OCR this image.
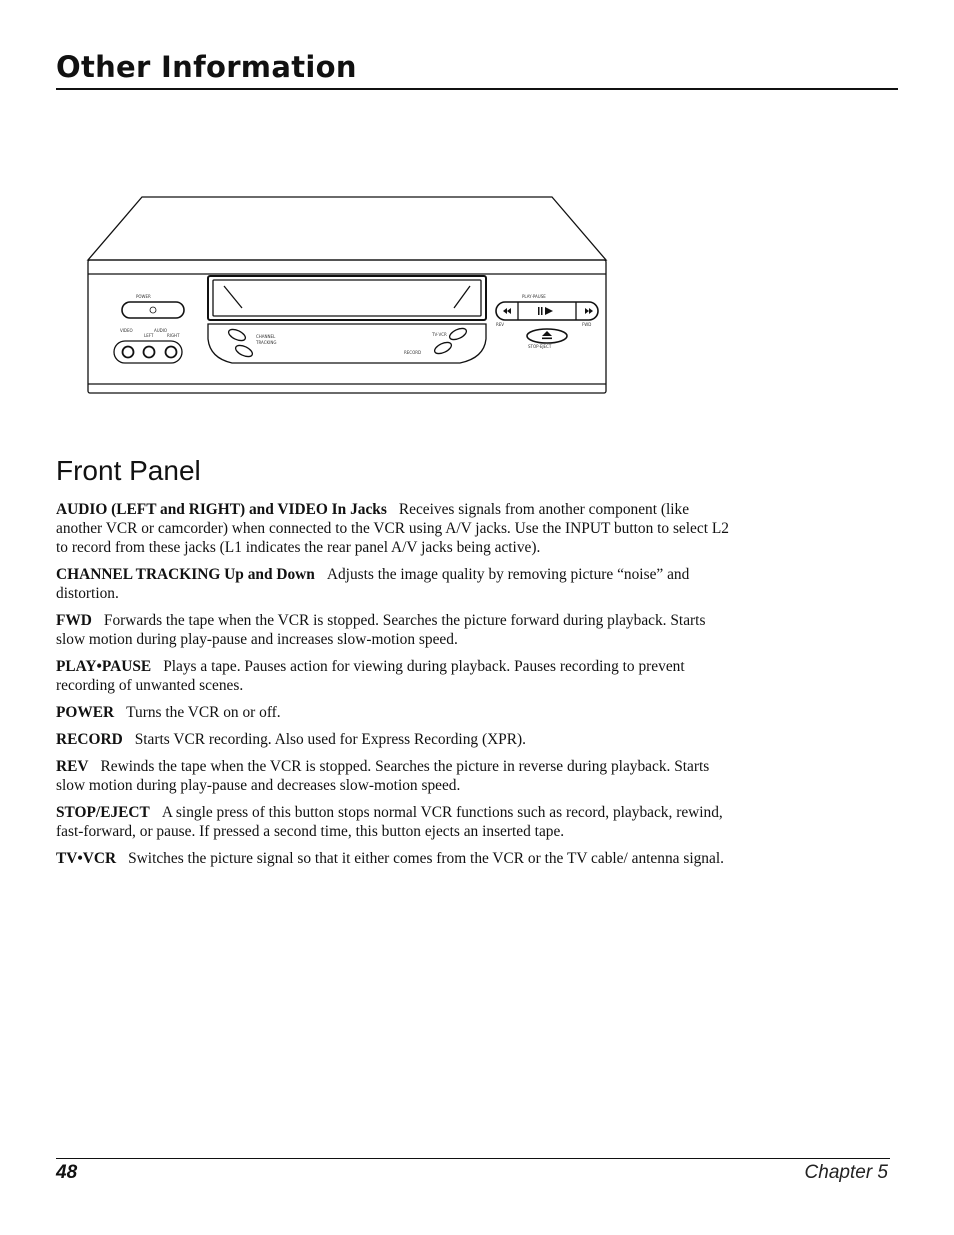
Other Information
POWER	PLAY·PAUSE
REV	FWD
STOP·EJECT
VIDEO	AUDIO
LEFT	RIGHT	CHANNEL
TRACKING
TV·VCR
RECORD
Front Panel

AUDIO (LEFT and RIGHT) and VIDEO In Jacks Receives signals from another component (like another VCR or camcorder) when connected to the VCR using A/V jacks. Use the INPUT button to select L2 to record from these jacks (L1 indicates the rear panel A/V jacks being active).

CHANNEL TRACKING Up and Down Adjusts the image quality by removing picture “noise” and distortion.

FWD Forwards the tape when the VCR is stopped. Searches the picture forward during playback. Starts slow motion during play-pause and increases slow-motion speed.

PLAY•PAUSE Plays a tape. Pauses action for viewing during playback. Pauses recording to prevent recording of unwanted scenes.

POWER Turns the VCR on or off.

RECORD Starts VCR recording. Also used for Express Recording (XPR).

REV Rewinds the tape when the VCR is stopped. Searches the picture in reverse during playback. Starts slow motion during play-pause and decreases slow-motion speed.

STOP/EJECT A single press of this button stops normal VCR functions such as record, playback, rewind, fast-forward, or pause. If pressed a second time, this button ejects an inserted tape.

TV•VCR Switches the picture signal so that it either comes from the VCR or the TV cable/ antenna signal.

48	Chapter 5
